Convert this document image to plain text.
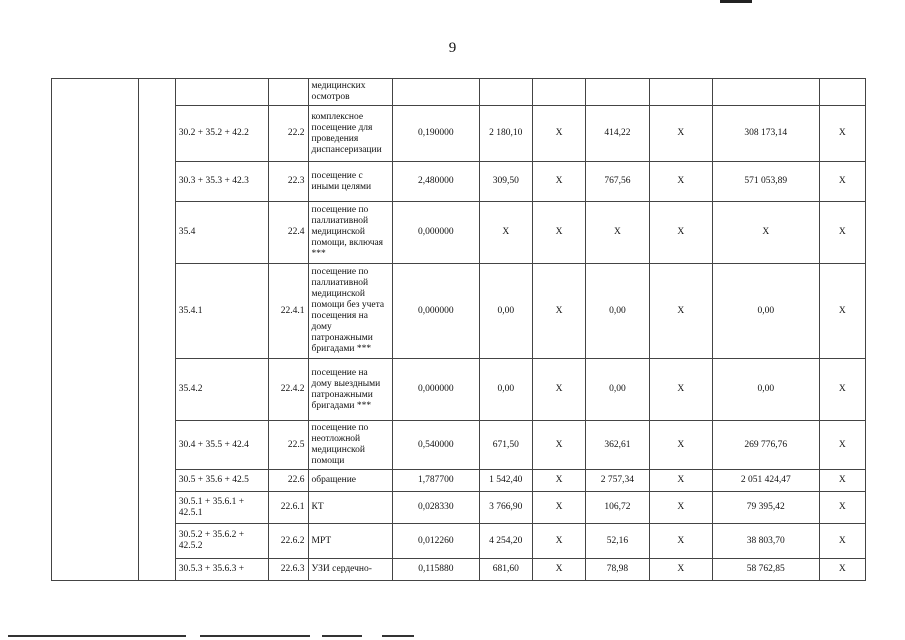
9
				медицинских осмотров							
		30.2 + 35.2 + 42.2	22.2	комплексное посещение для проведения диспансеризации	0,190000	2 180,10	X	414,22	X	308 173,14	X
		30.3 + 35.3 + 42.3	22.3	посещение с иными целями	2,480000	309,50	X	767,56	X	571 053,89	X
		35.4	22.4	посещение по паллиативной медицинской помощи, включая ***	0,000000	X	X	X	X	X	X
		35.4.1	22.4.1	посещение по паллиативной медицинской помощи без учета посещения на дому патронажными бригадами ***	0,000000	0,00	X	0,00	X	0,00	X
		35.4.2	22.4.2	посещение на дому выездными патронажными бригадами ***	0,000000	0,00	X	0,00	X	0,00	X
		30.4 + 35.5 + 42.4	22.5	посещение по неотложной медицинской помощи	0,540000	671,50	X	362,61	X	269 776,76	X
		30.5 + 35.6 + 42.5	22.6	обращение	1,787700	1 542,40	X	2 757,34	X	2 051 424,47	X
		30.5.1 + 35.6.1 + 42.5.1	22.6.1	КТ	0,028330	3 766,90	X	106,72	X	79 395,42	X
		30.5.2 + 35.6.2 + 42.5.2	22.6.2	МРТ	0,012260	4 254,20	X	52,16	X	38 803,70	X
		30.5.3 + 35.6.3 +	22.6.3	УЗИ сердечно-	0,115880	681,60	X	78,98	X	58 762,85	X
